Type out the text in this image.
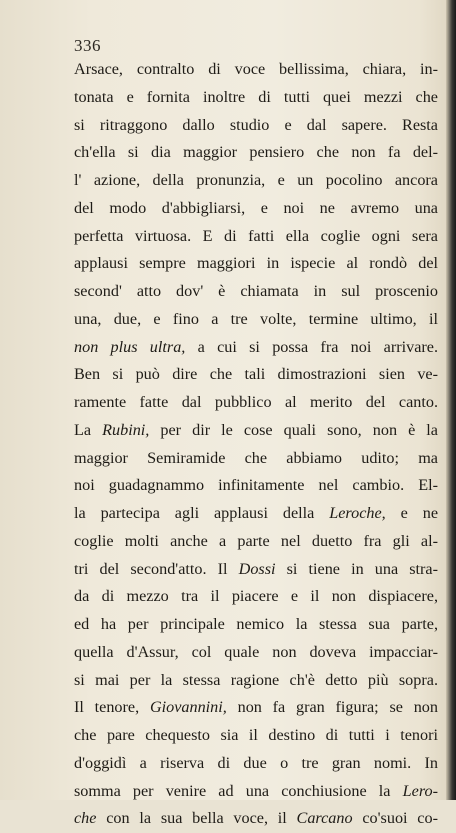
336
Arsace, contralto di voce bellissima, chiara, in-
tonata e fornita inoltre di tutti quei mezzi che
si ritraggono dallo studio e dal sapere. Resta
ch'ella si dia maggior pensiero che non fa del-
l' azione, della pronunzia, e un pocolino ancora
del modo d'abbigliarsi, e noi ne avremo una
perfetta virtuosa. E di fatti ella coglie ogni sera
applausi sempre maggiori in ispecie al rondò del
second' atto dov' è chiamata in sul proscenio
una, due, e fino a tre volte, termine ultimo, il
non plus ultra, a cui si possa fra noi arrivare.
Ben si può dire che tali dimostrazioni sien ve-
ramente fatte dal pubblico al merito del canto.
La Rubini, per dir le cose quali sono, non è la
maggior Semiramide che abbiamo udito; ma
noi guadagnammo infinitamente nel cambio. El-
la partecipa agli applausi della Leroche, e ne
coglie molti anche a parte nel duetto fra gli al-
tri del second'atto. Il Dossi si tiene in una stra-
da di mezzo tra il piacere e il non dispiacere,
ed ha per principale nemico la stessa sua parte,
quella d'Assur, col quale non doveva impacciar-
si mai per la stessa ragione ch'è detto più sopra.
Il tenore, Giovannini, non fa gran figura; se non
che pare chequesto sia il destino di tutti i tenori
d'oggidì a riserva di due o tre gran nomi. In
somma per venire ad una conchiusione la Lero-
che con la sua bella voce, il Carcano co'suoi co-
